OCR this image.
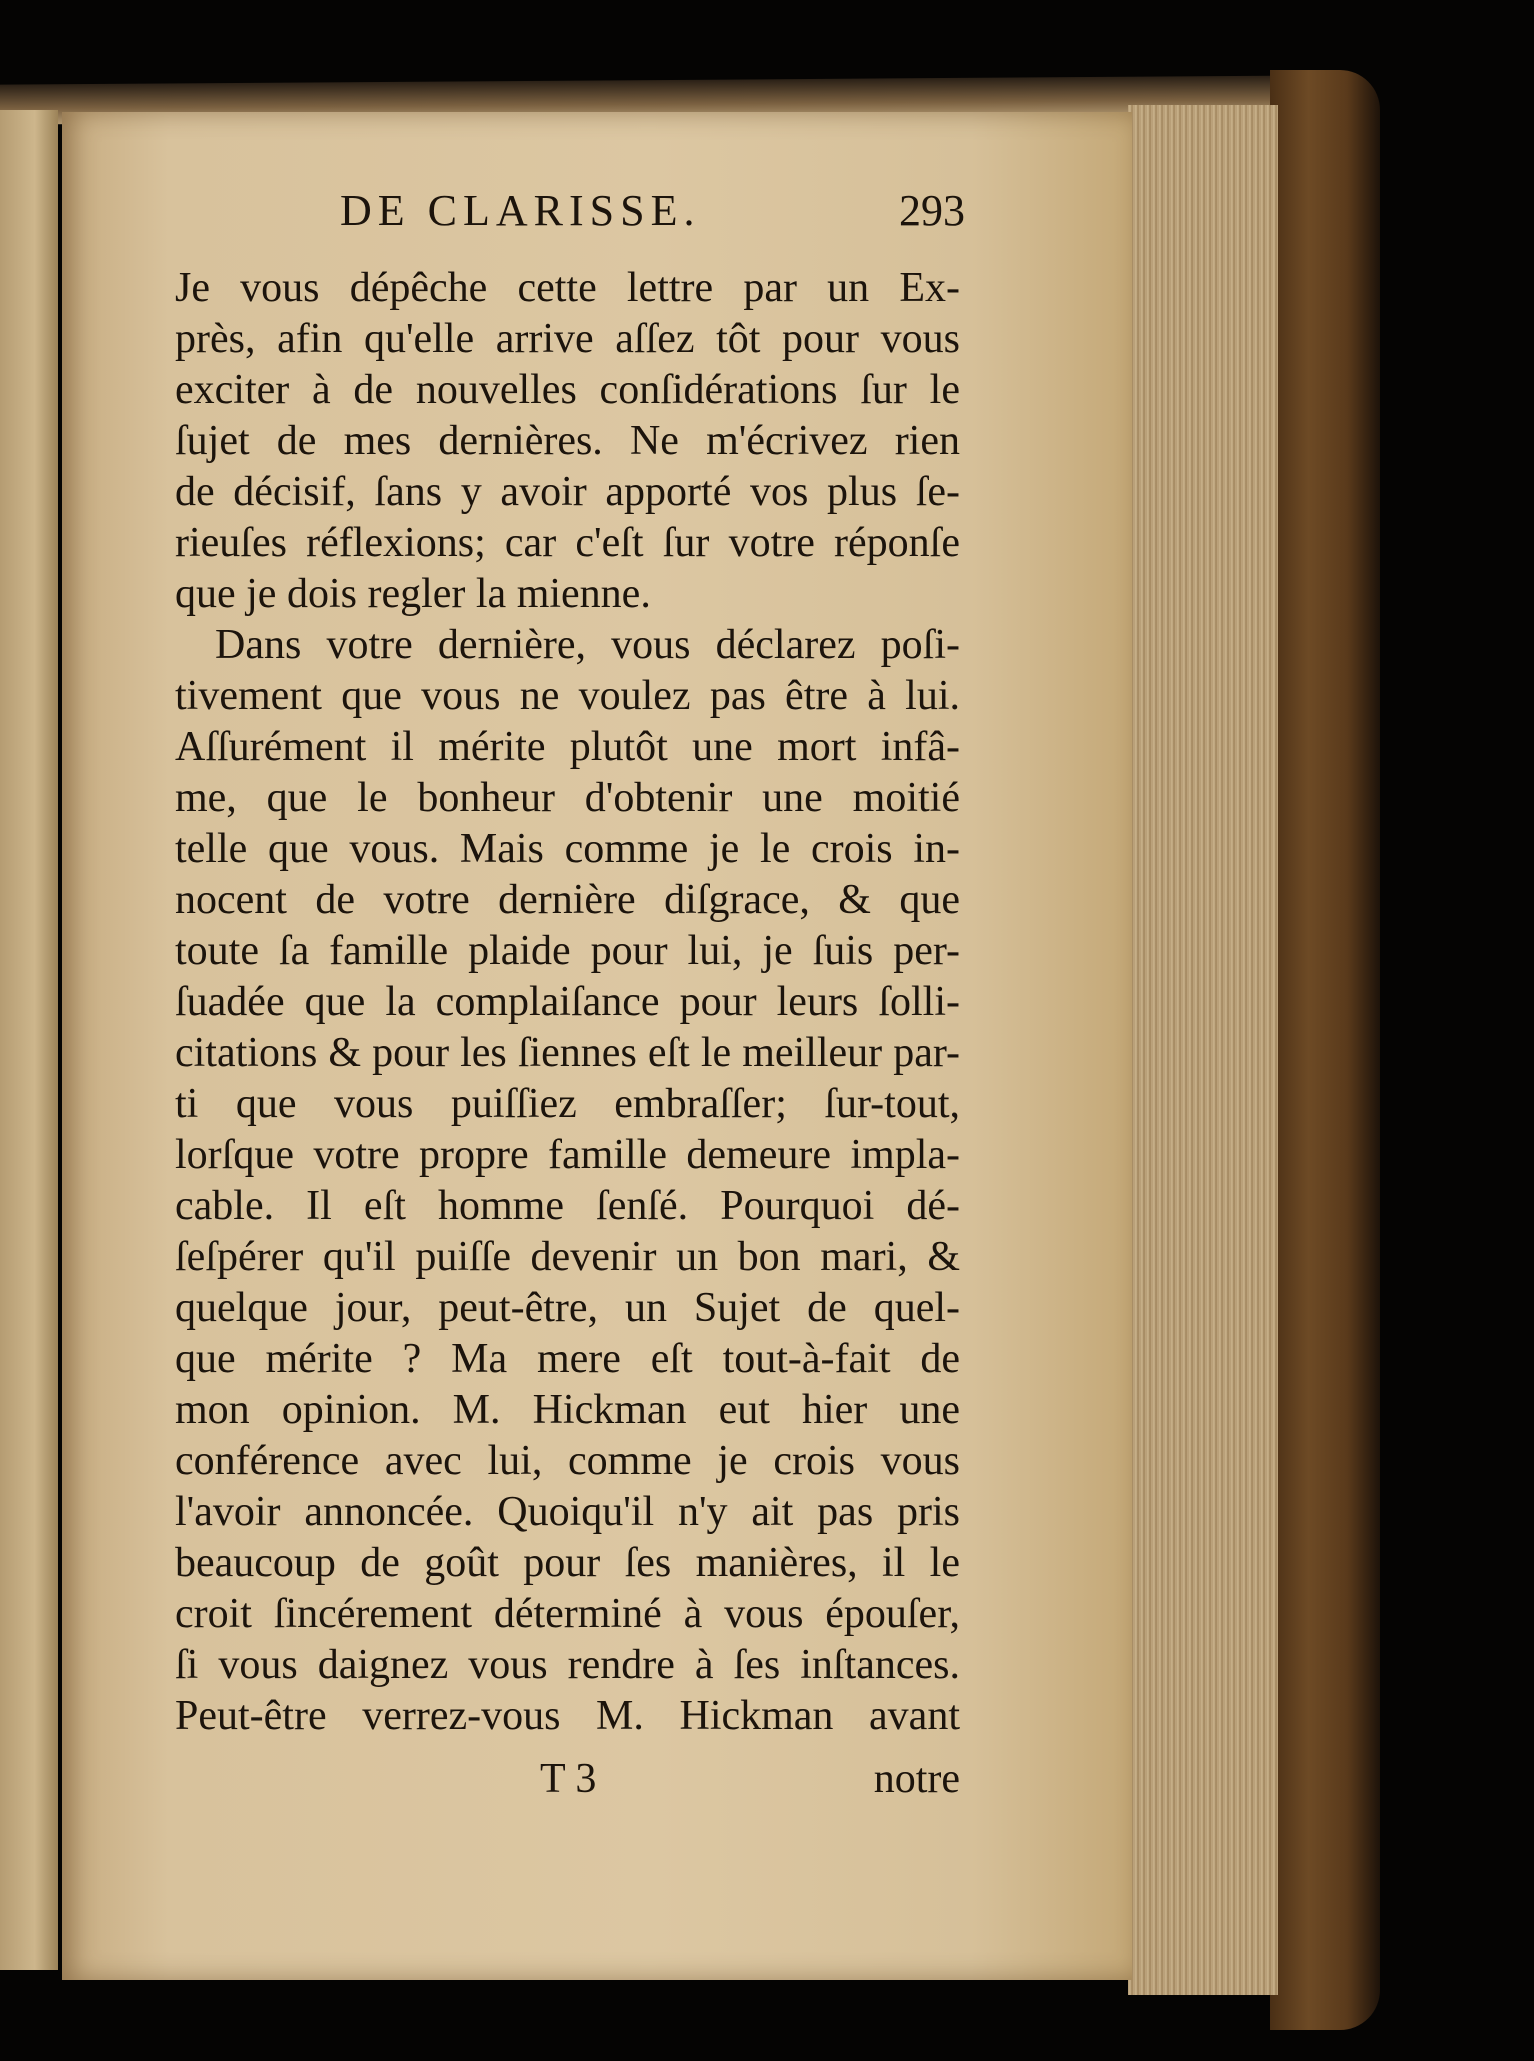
DE CLARISSE.	293
Je vous dépêche cette lettre par un Ex-
près, afin qu'elle arrive aſſez tôt pour vous
exciter à de nouvelles conſidérations ſur le
ſujet de mes dernières. Ne m'écrivez rien
de décisif, ſans y avoir apporté vos plus ſe-
rieuſes réflexions; car c'eſt ſur votre réponſe
que je dois regler la mienne.
Dans votre dernière, vous déclarez poſi-
tivement que vous ne voulez pas être à lui.
Aſſurément il mérite plutôt une mort infâ-
me, que le bonheur d'obtenir une moitié
telle que vous. Mais comme je le crois in-
nocent de votre dernière diſgrace, & que
toute ſa famille plaide pour lui, je ſuis per-
ſuadée que la complaiſance pour leurs ſolli-
citations & pour les ſiennes eſt le meilleur par-
ti que vous puiſſiez embraſſer; ſur-tout,
lorſque votre propre famille demeure impla-
cable. Il eſt homme ſenſé. Pourquoi dé-
ſeſpérer qu'il puiſſe devenir un bon mari, &
quelque jour, peut-être, un Sujet de quel-
que mérite ? Ma mere eſt tout-à-fait de
mon opinion. M. Hickman eut hier une
conférence avec lui, comme je crois vous
l'avoir annoncée. Quoiqu'il n'y ait pas pris
beaucoup de goût pour ſes manières, il le
croit ſincérement déterminé à vous épouſer,
ſi vous daignez vous rendre à ſes inſtances.
Peut-être verrez-vous M. Hickman avant
T 3	notre
